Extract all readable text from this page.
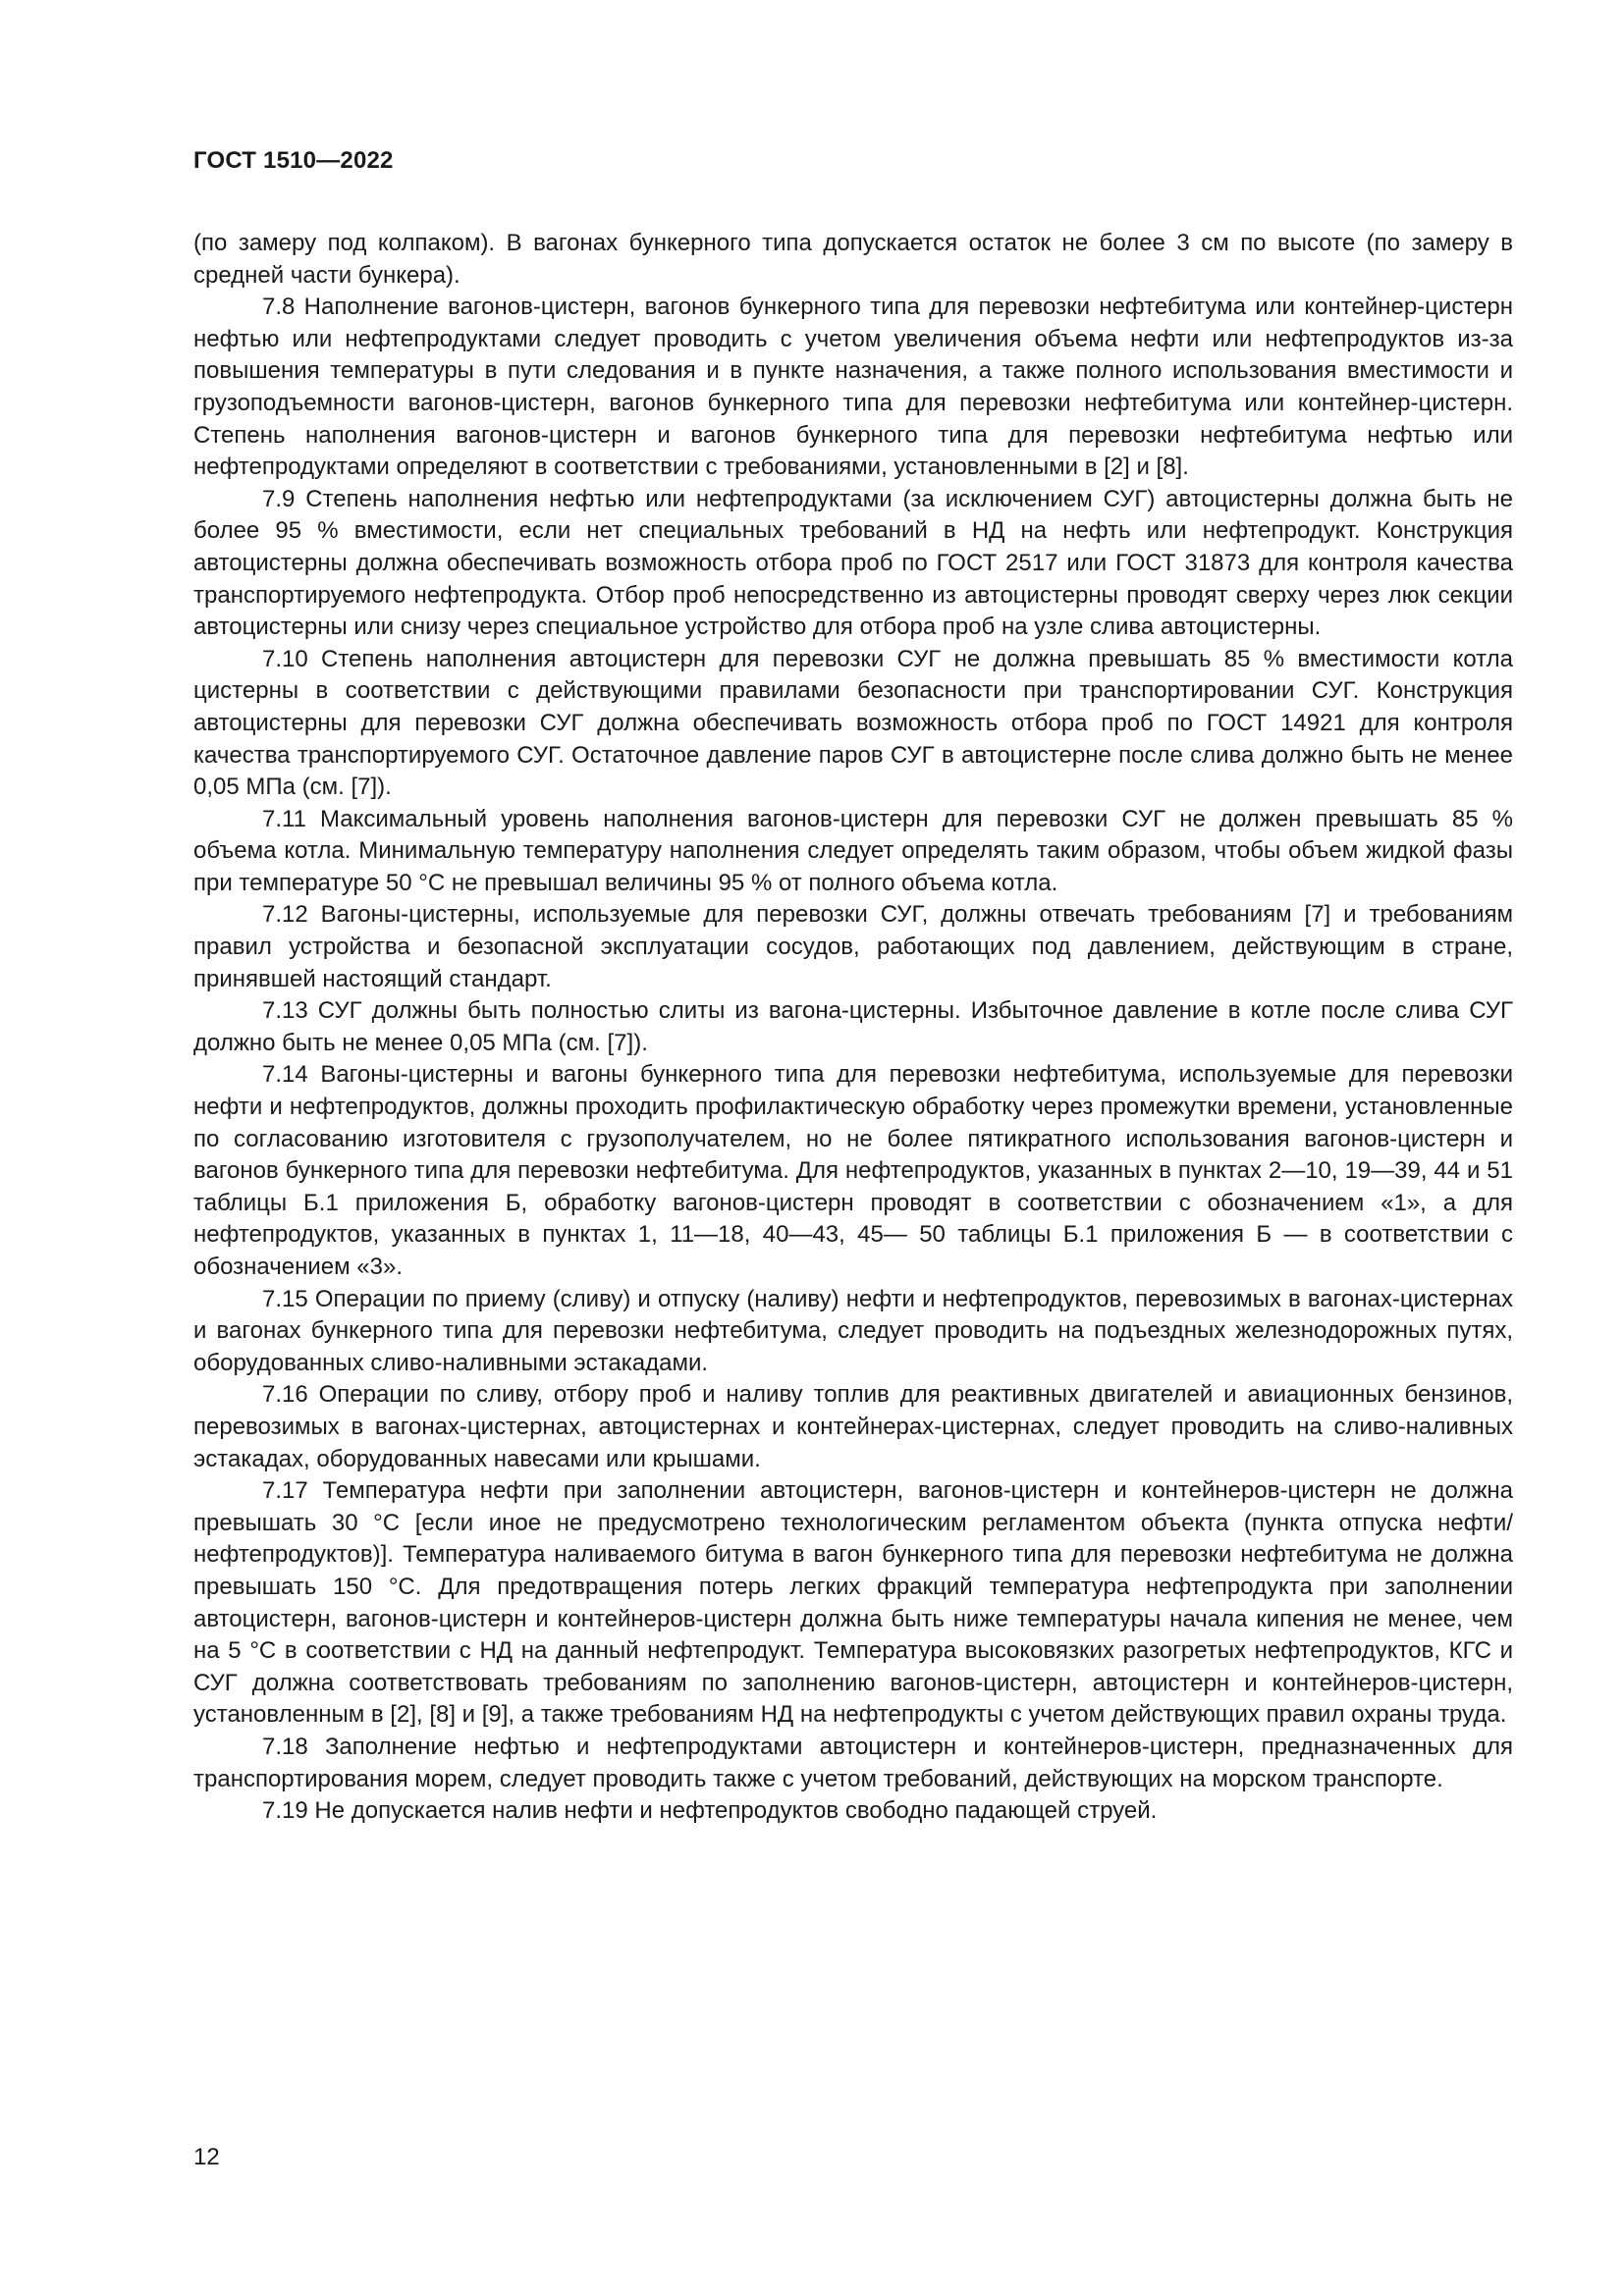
ГОСТ 1510—2022

(по замеру под колпаком). В вагонах бункерного типа допускается остаток не более 3 см по высоте (по замеру в средней части бункера).

7.8 Наполнение вагонов-цистерн, вагонов бункерного типа для перевозки нефтебитума или контейнер-цистерн нефтью или нефтепродуктами следует проводить с учетом увеличения объема нефти или нефтепродуктов из-за повышения температуры в пути следования и в пункте назначения, а также полного использования вместимости и грузоподъемности вагонов-цистерн, вагонов бункерного типа для перевозки нефтебитума или контейнер-цистерн. Степень наполнения вагонов-цистерн и вагонов бункерного типа для перевозки нефтебитума нефтью или нефтепродуктами определяют в соответствии с требованиями, установленными в [2] и [8].

7.9 Степень наполнения нефтью или нефтепродуктами (за исключением СУГ) автоцистерны должна быть не более 95 % вместимости, если нет специальных требований в НД на нефть или нефтепродукт. Конструкция автоцистерны должна обеспечивать возможность отбора проб по ГОСТ 2517 или ГОСТ 31873 для контроля качества транспортируемого нефтепродукта. Отбор проб непосредственно из автоцистерны проводят сверху через люк секции автоцистерны или снизу через специальное устройство для отбора проб на узле слива автоцистерны.

7.10 Степень наполнения автоцистерн для перевозки СУГ не должна превышать 85 % вместимости котла цистерны в соответствии с действующими правилами безопасности при транспортировании СУГ. Конструкция автоцистерны для перевозки СУГ должна обеспечивать возможность отбора проб по ГОСТ 14921 для контроля качества транспортируемого СУГ. Остаточное давление паров СУГ в автоцистерне после слива должно быть не менее 0,05 МПа (см. [7]).

7.11 Максимальный уровень наполнения вагонов-цистерн для перевозки СУГ не должен превышать 85 % объема котла. Минимальную температуру наполнения следует определять таким образом, чтобы объем жидкой фазы при температуре 50 °С не превышал величины 95 % от полного объема котла.

7.12 Вагоны-цистерны, используемые для перевозки СУГ, должны отвечать требованиям [7] и требованиям правил устройства и безопасной эксплуатации сосудов, работающих под давлением, действующим в стране, принявшей настоящий стандарт.

7.13 СУГ должны быть полностью слиты из вагона-цистерны. Избыточное давление в котле после слива СУГ должно быть не менее 0,05 МПа (см. [7]).

7.14 Вагоны-цистерны и вагоны бункерного типа для перевозки нефтебитума, используемые для перевозки нефти и нефтепродуктов, должны проходить профилактическую обработку через промежутки времени, установленные по согласованию изготовителя с грузополучателем, но не более пятикратного использования вагонов-цистерн и вагонов бункерного типа для перевозки нефтебитума. Для нефтепродуктов, указанных в пунктах 2—10, 19—39, 44 и 51 таблицы Б.1 приложения Б, обработку вагонов-цистерн проводят в соответствии с обозначением «1», а для нефтепродуктов, указанных в пунктах 1, 11—18, 40—43, 45— 50 таблицы Б.1 приложения Б — в соответствии с обозначением «3».

7.15 Операции по приему (сливу) и отпуску (наливу) нефти и нефтепродуктов, перевозимых в вагонах-цистернах и вагонах бункерного типа для перевозки нефтебитума, следует проводить на подъездных железнодорожных путях, оборудованных сливо-наливными эстакадами.

7.16 Операции по сливу, отбору проб и наливу топлив для реактивных двигателей и авиационных бензинов, перевозимых в вагонах-цистернах, автоцистернах и контейнерах-цистернах, следует проводить на сливо-наливных эстакадах, оборудованных навесами или крышами.

7.17 Температура нефти при заполнении автоцистерн, вагонов-цистерн и контейнеров-цистерн не должна превышать 30 °С [если иное не предусмотрено технологическим регламентом объекта (пункта отпуска нефти/нефтепродуктов)]. Температура наливаемого битума в вагон бункерного типа для перевозки нефтебитума не должна превышать 150 °С. Для предотвращения потерь легких фракций температура нефтепродукта при заполнении автоцистерн, вагонов-цистерн и контейнеров-цистерн должна быть ниже температуры начала кипения не менее, чем на 5 °С в соответствии с НД на данный нефтепродукт. Температура высоковязких разогретых нефтепродуктов, КГС и СУГ должна соответствовать требованиям по заполнению вагонов-цистерн, автоцистерн и контейнеров-цистерн, установленным в [2], [8] и [9], а также требованиям НД на нефтепродукты с учетом действующих правил охраны труда.

7.18 Заполнение нефтью и нефтепродуктами автоцистерн и контейнеров-цистерн, предназначенных для транспортирования морем, следует проводить также с учетом требований, действующих на морском транспорте.

7.19 Не допускается налив нефти и нефтепродуктов свободно падающей струей.

12
